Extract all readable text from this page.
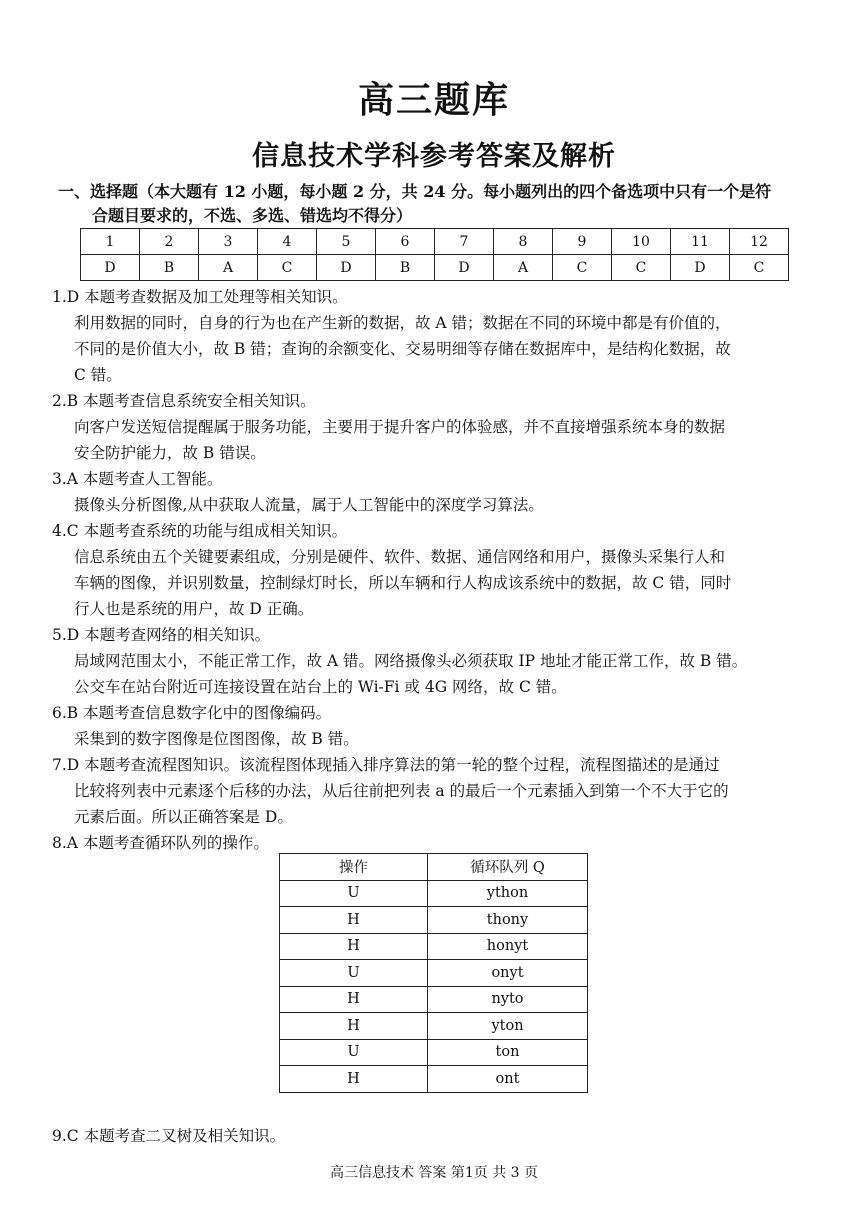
高三题库
信息技术学科参考答案及解析
一、选择题（本大题有 12 小题，每小题 2 分，共 24 分。每小题列出的四个备选项中只有一个是符
合题目要求的，不选、多选、错选均不得分）
1	2	3	4	5	6	7	8	9	10	11	12
D	B	A	C	D	B	D	A	C	C	D	C
1.D 本题考查数据及加工处理等相关知识。
利用数据的同时，自身的行为也在产生新的数据，故 A 错；数据在不同的环境中都是有价值的，
不同的是价值大小，故 B 错；查询的余额变化、交易明细等存储在数据库中，是结构化数据，故
C 错。
2.B 本题考查信息系统安全相关知识。
向客户发送短信提醒属于服务功能，主要用于提升客户的体验感，并不直接增强系统本身的数据
安全防护能力，故 B 错误。
3.A 本题考查人工智能。
摄像头分析图像,从中获取人流量，属于人工智能中的深度学习算法。
4.C 本题考查系统的功能与组成相关知识。
信息系统由五个关键要素组成，分别是硬件、软件、数据、通信网络和用户，摄像头采集行人和
车辆的图像，并识别数量，控制绿灯时长，所以车辆和行人构成该系统中的数据，故 C 错，同时
行人也是系统的用户，故 D 正确。
5.D 本题考查网络的相关知识。
局域网范围太小，不能正常工作，故 A 错。网络摄像头必须获取 IP 地址才能正常工作，故 B 错。
公交车在站台附近可连接设置在站台上的 Wi-Fi 或 4G 网络，故 C 错。
6.B 本题考查信息数字化中的图像编码。
采集到的数字图像是位图图像，故 B 错。
7.D 本题考查流程图知识。该流程图体现插入排序算法的第一轮的整个过程，流程图描述的是通过
比较将列表中元素逐个后移的办法，从后往前把列表 a 的最后一个元素插入到第一个不大于它的
元素后面。所以正确答案是 D。
8.A 本题考查循环队列的操作。
操作	循环队列 Q
U	ython
H	thony
H	honyt
U	onyt
H	nyto
H	yton
U	ton
H	ont
9.C 本题考查二叉树及相关知识。
高三信息技术 答案 第1页 共 3 页
